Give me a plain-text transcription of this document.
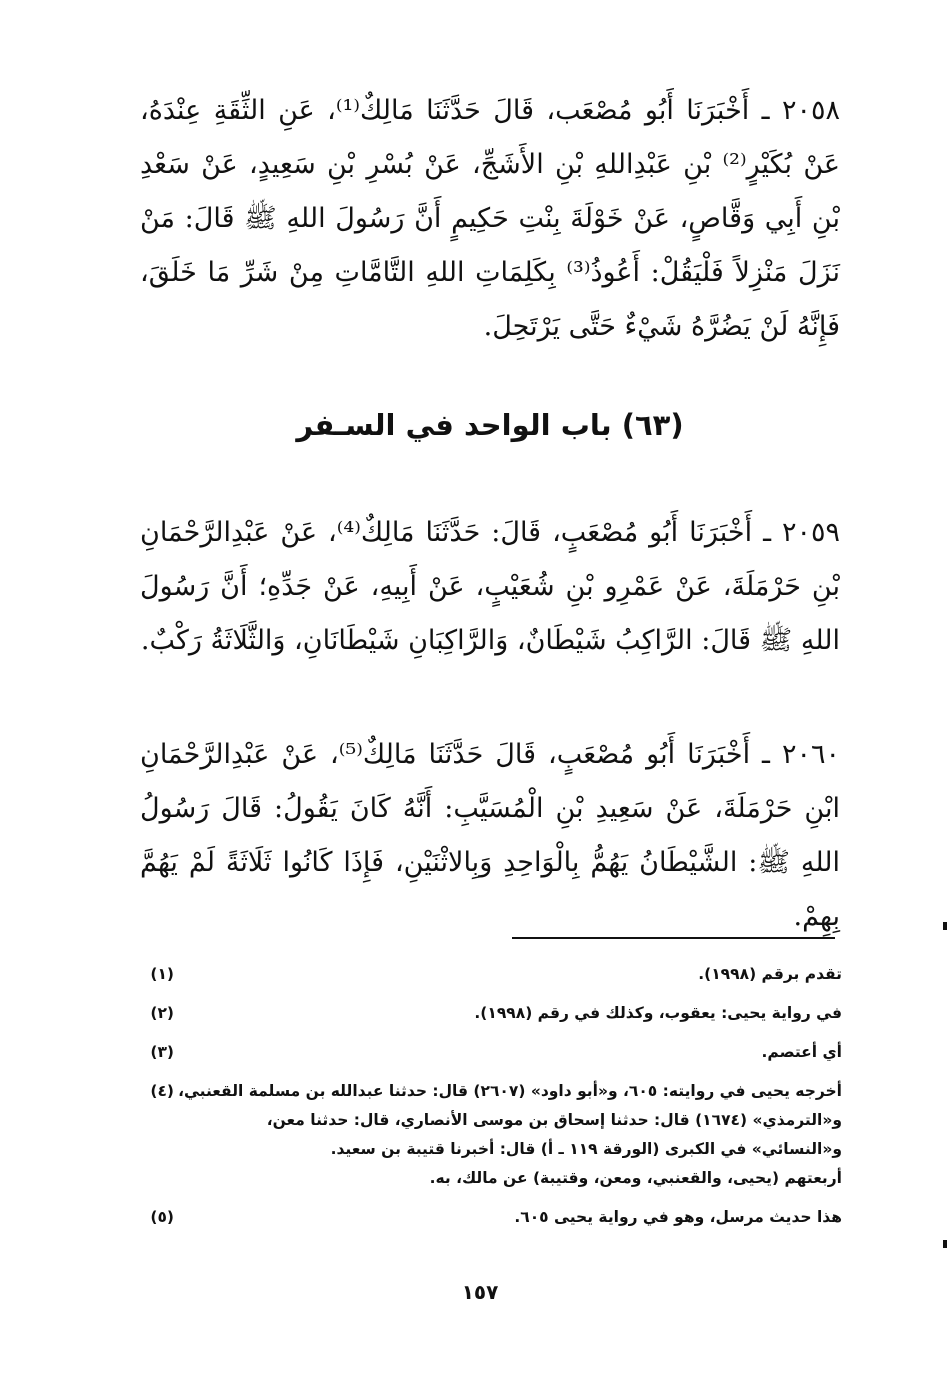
٢٠٥٨ ـ أَخْبَرَنَا أَبُو مُصْعَب، قَالَ حَدَّثَنَا مَالِكٌ⁽¹⁾، عَنِ الثِّقَةِ عِنْدَهُ، عَنْ بُكَيْرٍ⁽²⁾ بْنِ عَبْدِاللهِ بْنِ الأَشَجِّ، عَنْ بُسْرِ بْنِ سَعِيدٍ، عَنْ سَعْدِ بْنِ أَبِي وَقَّاصٍ، عَنْ خَوْلَةَ بِنْتِ حَكِيمٍ أَنَّ رَسُولَ اللهِ ﷺ قَالَ: مَنْ نَزَلَ مَنْزِلاً فَلْيَقُلْ: أَعُوذُ⁽³⁾ بِكَلِمَاتِ اللهِ التَّامَّاتِ مِنْ شَرِّ مَا خَلَقَ، فَإِنَّهُ لَنْ يَضُرَّهُ شَيْءٌ حَتَّى يَرْتَحِلَ.

(٦٣) باب الواحد في السـفر

٢٠٥٩ ـ أَخْبَرَنَا أَبُو مُصْعَبٍ، قَالَ: حَدَّثَنَا مَالِكٌ⁽⁴⁾، عَنْ عَبْدِالرَّحْمَانِ بْنِ حَرْمَلَةَ، عَنْ عَمْرِو بْنِ شُعَيْبٍ، عَنْ أَبِيهِ، عَنْ جَدِّهِ؛ أَنَّ رَسُولَ اللهِ ﷺ قَالَ: الرَّاكِبُ شَيْطَانٌ، وَالرَّاكِبَانِ شَيْطَانَانِ، وَالثَّلَاثَةُ رَكْبٌ.

٢٠٦٠ ـ أَخْبَرَنَا أَبُو مُصْعَبٍ، قَالَ حَدَّثَنَا مَالِكٌ⁽⁵⁾، عَنْ عَبْدِالرَّحْمَانِ ابْنِ حَرْمَلَةَ، عَنْ سَعِيدِ بْنِ الْمُسَيَّبِ: أَنَّهُ كَانَ يَقُولُ: قَالَ رَسُولُ اللهِ ﷺ: الشَّيْطَانُ يَهُمُّ بِالْوَاحِدِ وَبِالاثْنَيْنِ، فَإِذَا كَانُوا ثَلَاثَةً لَمْ يَهُمَّ بِهِمْ.

(١)	تقدم برقم (١٩٩٨).
(٢)	في رواية يحيى: يعقوب، وكذلك في رقم (١٩٩٨).
(٣)	أي أعتصم.
(٤)	أخرجه يحيى في روايته: ٦٠٥، و«أبو داود» (٢٦٠٧) قال: حدثنا عبدالله بن مسلمة القعنبي، و«الترمذي» (١٦٧٤) قال: حدثنا إسحاق بن موسى الأنصاري، قال: حدثنا معن، و«النسائي» في الكبرى (الورقة ١١٩ ـ أ) قال: أخبرنا قتيبة بن سعيد.
أربعتهم (يحيى، والقعنبي، ومعن، وقتيبة) عن مالك، به.
(٥)	هذا حديث مرسل، وهو في رواية يحيى ٦٠٥.
١٥٧
